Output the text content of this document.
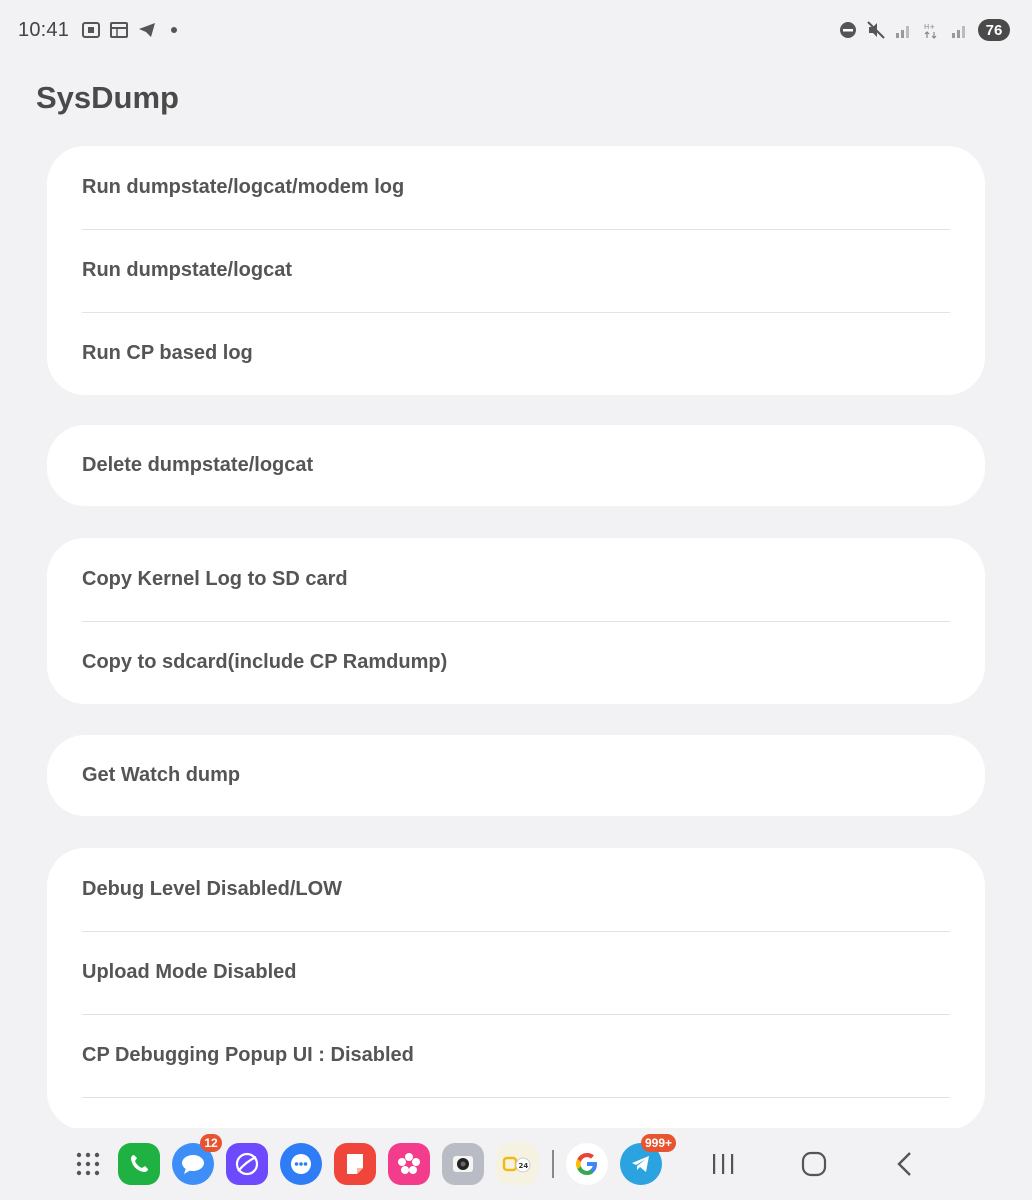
10:41	H+	76
SysDump
Run dumpstate/logcat/modem log
Run dumpstate/logcat
Run CP based log
Delete dumpstate/logcat
Copy Kernel Log to SD card
Copy to sdcard(include CP Ramdump)
Get Watch dump
Debug Level Disabled/LOW
Upload Mode Disabled
CP Debugging Popup UI : Disabled
12
24
999+
